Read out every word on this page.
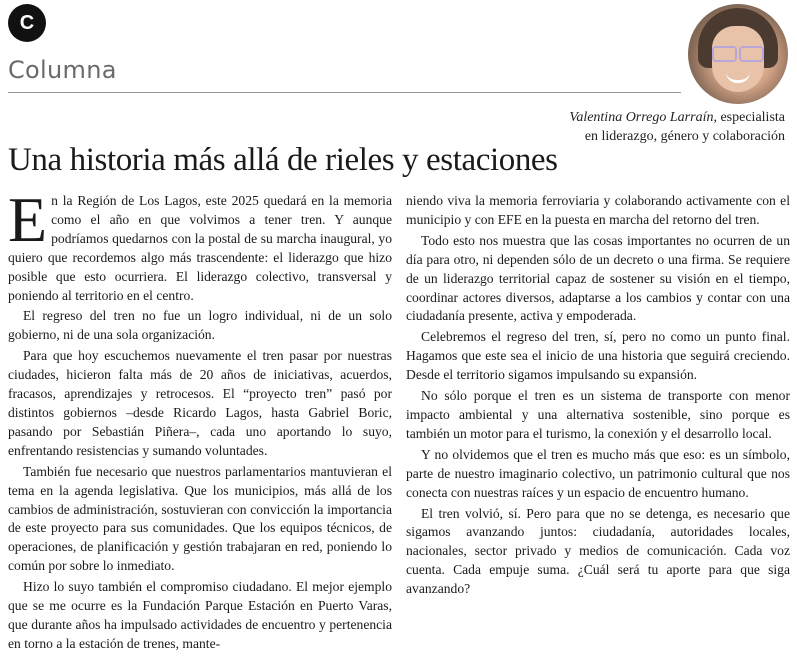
C
Columna
Valentina Orrego Larraín, especialista
en liderazgo, género y colaboración
Una historia más allá de rieles y estaciones

En la Región de Los Lagos, este 2025 quedará en la memoria como el año en que volvimos a tener tren. Y aunque podríamos quedarnos con la postal de su marcha inaugural, yo quiero que recordemos algo más trascendente: el liderazgo que hizo posible que esto ocurriera. El liderazgo colectivo, transversal y poniendo al territorio en el centro.

El regreso del tren no fue un logro individual, ni de un solo gobierno, ni de una sola organización.

Para que hoy escuchemos nuevamente el tren pasar por nuestras ciudades, hicieron falta más de 20 años de iniciativas, acuerdos, fracasos, aprendizajes y retrocesos. El “proyecto tren” pasó por distintos gobiernos –desde Ricardo Lagos, hasta Gabriel Boric, pasando por Sebastián Piñera–, cada uno aportando lo suyo, enfrentando resistencias y sumando voluntades.

También fue necesario que nuestros parlamentarios mantuvieran el tema en la agenda legislativa. Que los municipios, más allá de los cambios de administración, sostuvieran con convicción la importancia de este proyecto para sus comunidades. Que los equipos técnicos, de operaciones, de planificación y gestión trabajaran en red, poniendo lo común por sobre lo inmediato.

Hizo lo suyo también el compromiso ciudadano. El mejor ejemplo que se me ocurre es la Fundación Parque Estación en Puerto Varas, que durante años ha impulsado actividades de encuentro y pertenencia en torno a la estación de trenes, mante-

niendo viva la memoria ferroviaria y colaborando activamente con el municipio y con EFE en la puesta en marcha del retorno del tren.

Todo esto nos muestra que las cosas importantes no ocurren de un día para otro, ni dependen sólo de un decreto o una firma. Se requiere de un liderazgo territorial capaz de sostener su visión en el tiempo, coordinar actores diversos, adaptarse a los cambios y contar con una ciudadanía presente, activa y empoderada.

Celebremos el regreso del tren, sí, pero no como un punto final. Hagamos que este sea el inicio de una historia que seguirá creciendo. Desde el territorio sigamos impulsando su expansión.

No sólo porque el tren es un sistema de transporte con menor impacto ambiental y una alternativa sostenible, sino porque es también un motor para el turismo, la conexión y el desarrollo local.

Y no olvidemos que el tren es mucho más que eso: es un símbolo, parte de nuestro imaginario colectivo, un patrimonio cultural que nos conecta con nuestras raíces y un espacio de encuentro humano.

El tren volvió, sí. Pero para que no se detenga, es necesario que sigamos avanzando juntos: ciudadanía, autoridades locales, nacionales, sector privado y medios de comunicación. Cada voz cuenta. Cada empuje suma. ¿Cuál será tu aporte para que siga avanzando?
